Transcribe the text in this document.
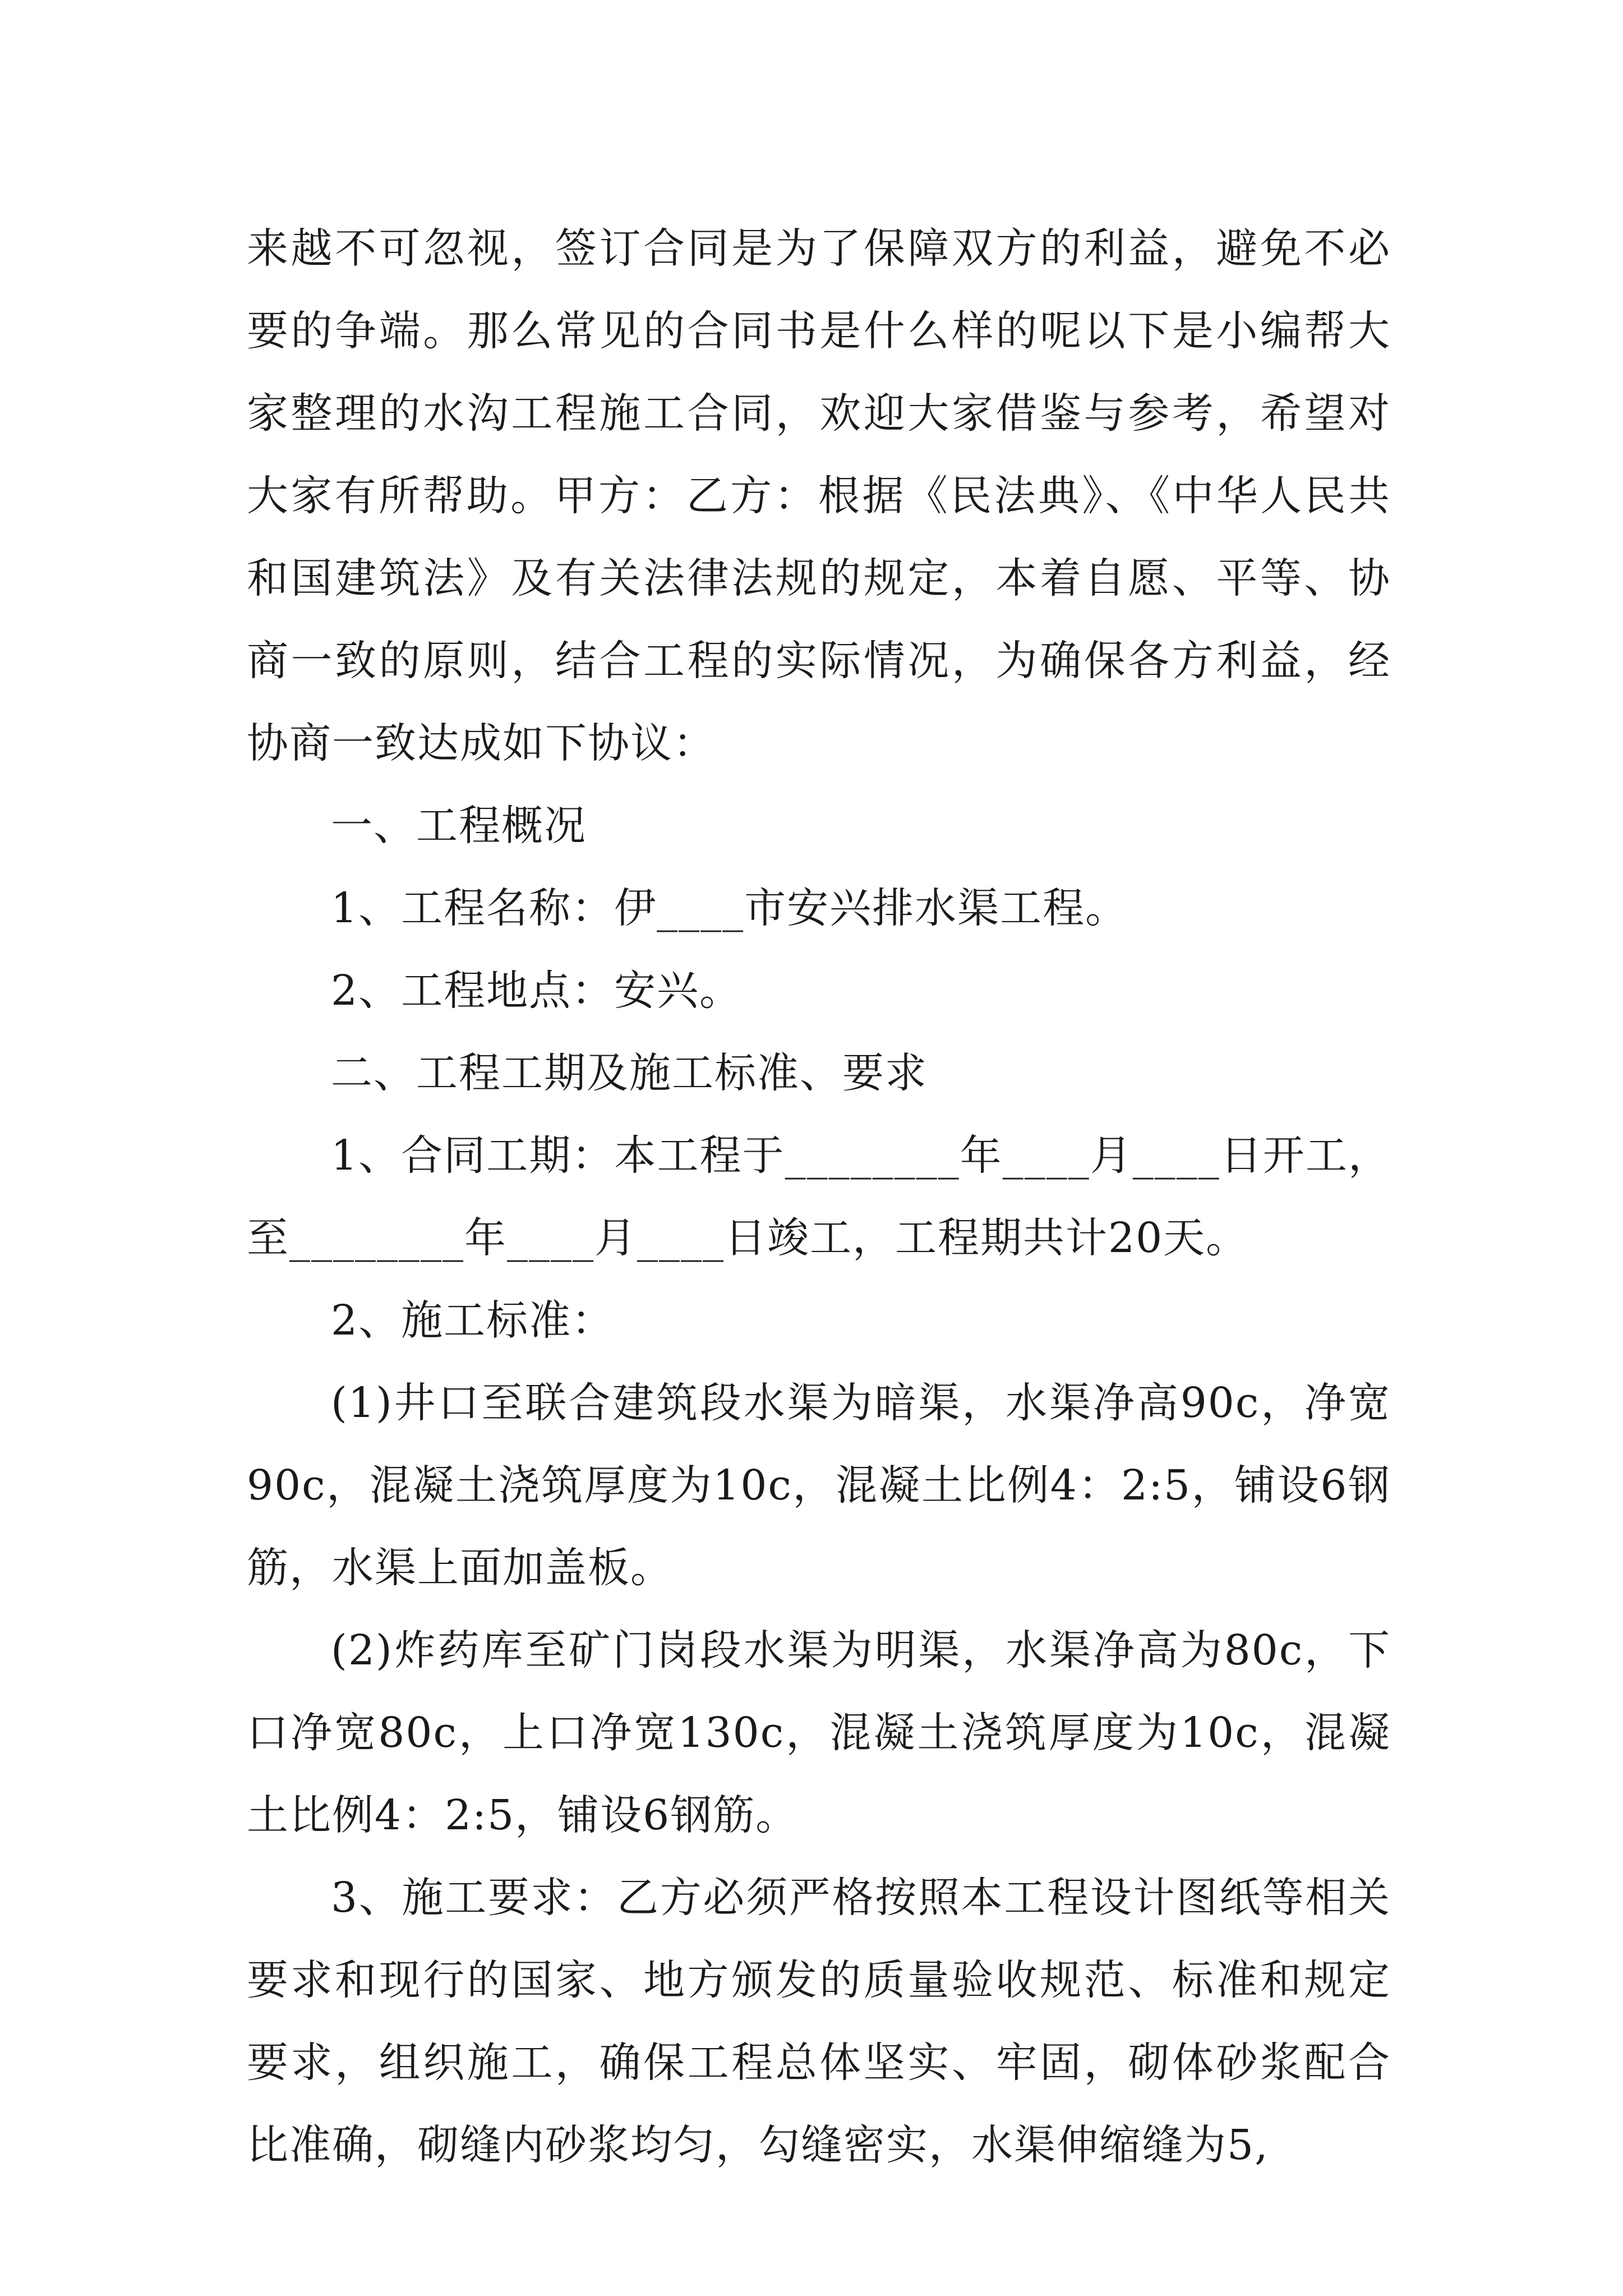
来越不可忽视，签订合同是为了保障双方的利益，避免不必要的争端。那么常见的合同书是什么样的呢以下是小编帮大家整理的水沟工程施工合同，欢迎大家借鉴与参考，希望对大家有所帮助。甲方：乙方：根据《民法典》、《中华人民共和国建筑法》及有关法律法规的规定，本着自愿、平等、协商一致的原则，结合工程的实际情况，为确保各方利益，经协商一致达成如下协议：

一、工程概况

1、工程名称：伊____市安兴排水渠工程。

2、工程地点：安兴。

二、工程工期及施工标准、要求

1、合同工期：本工程于________年____月____日开工，至________年____月____日竣工，工程期共计20天。

2、施工标准：

(1)井口至联合建筑段水渠为暗渠，水渠净高90c，净宽90c，混凝土浇筑厚度为10c，混凝土比例4：2:5，铺设6钢筋，水渠上面加盖板。

(2)炸药库至矿门岗段水渠为明渠，水渠净高为80c，下口净宽80c，上口净宽130c，混凝土浇筑厚度为10c，混凝土比例4：2:5，铺设6钢筋。

3、施工要求：乙方必须严格按照本工程设计图纸等相关要求和现行的国家、地方颁发的质量验收规范、标准和规定要求，组织施工，确保工程总体坚实、牢固，砌体砂浆配合比准确，砌缝内砂浆均匀，勾缝密实，水渠伸缩缝为5,
